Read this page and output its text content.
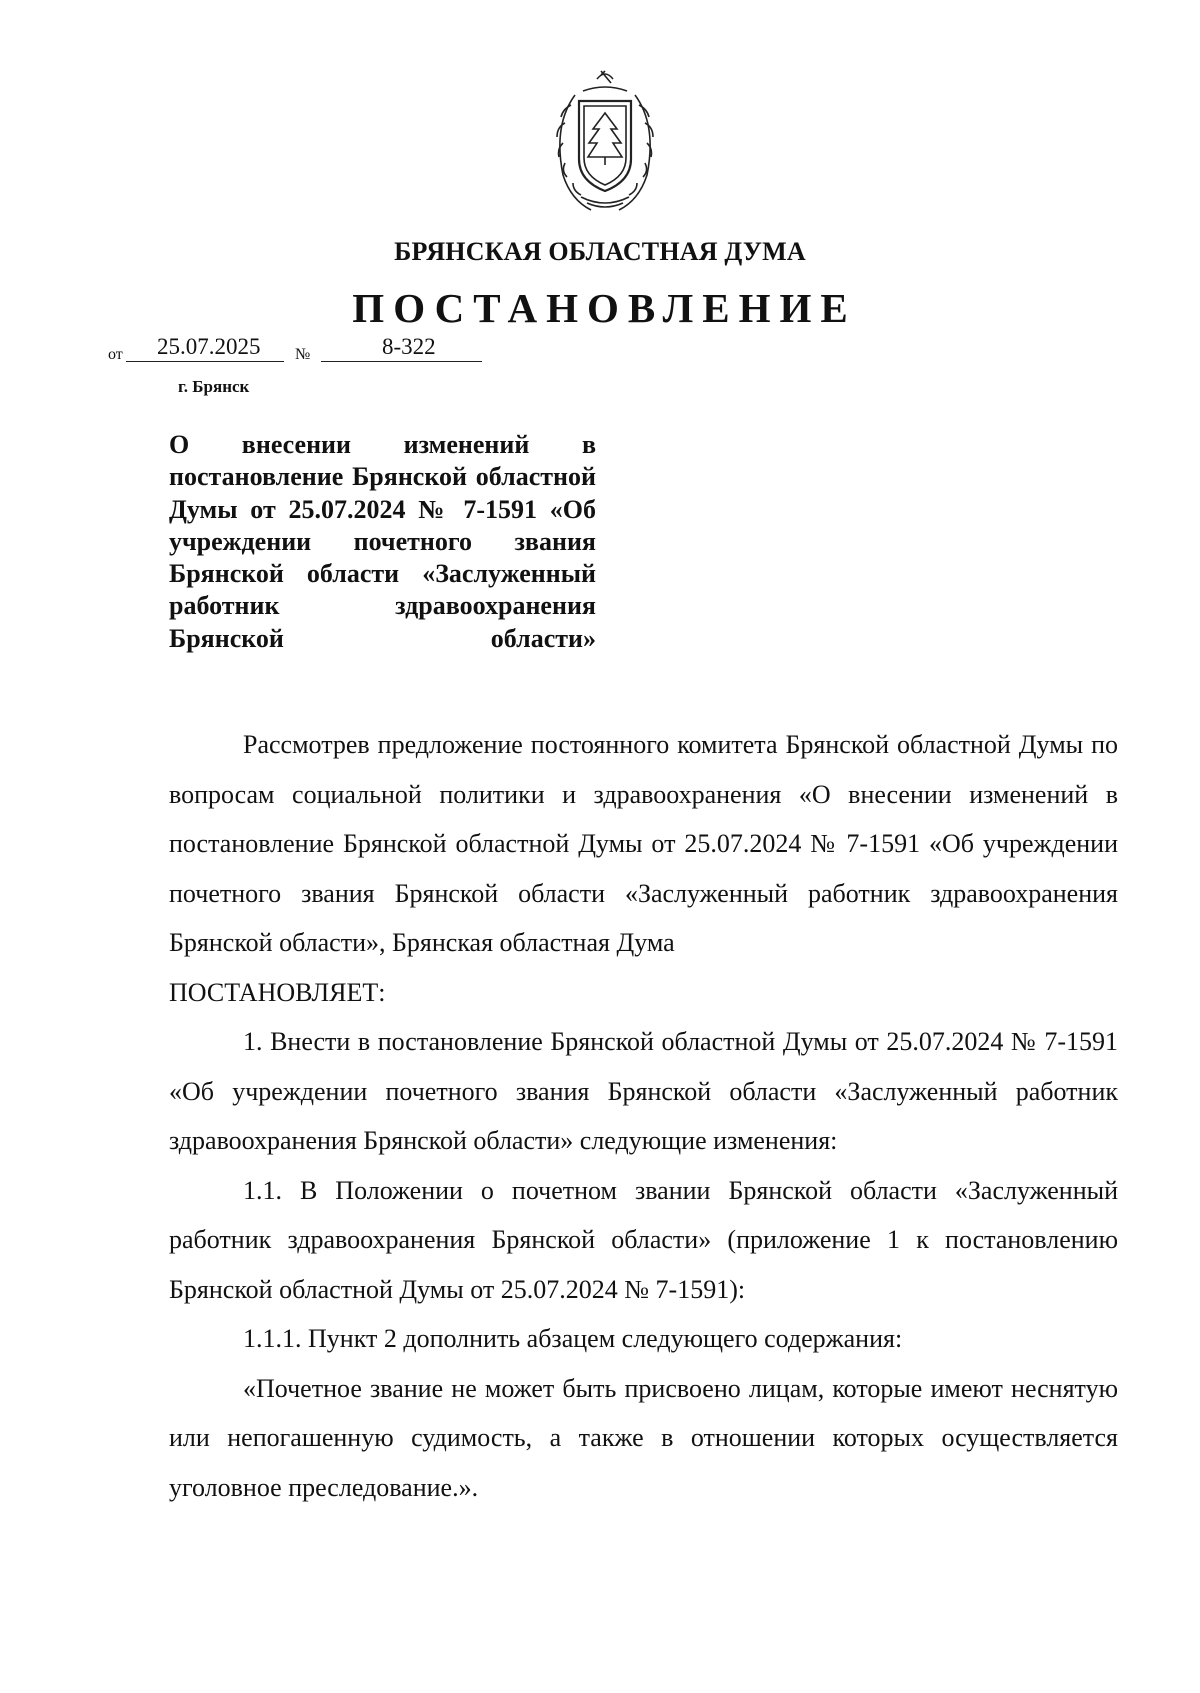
БРЯНСКАЯ ОБЛАСТНАЯ ДУМА
ПОСТАНОВЛЕНИЕ
от 25.07.2025 №	8-322
г. Брянск
О внесении изменений в постановление Брянской областной Думы от 25.07.2024 № 7-1591 «Об учреждении почетного звания Брянской области «Заслуженный работник здравоохранения Брянской области»

Рассмотрев предложение постоянного комитета Брянской областной Думы по вопросам социальной политики и здравоохранения «О внесении изменений в постановление Брянской областной Думы от 25.07.2024 № 7-1591 «Об учреждении почетного звания Брянской области «Заслуженный работник здравоохранения Брянской области», Брянская областная Дума

ПОСТАНОВЛЯЕТ:

1. Внести в постановление Брянской областной Думы от 25.07.2024 № 7-1591 «Об учреждении почетного звания Брянской области «Заслуженный работник здравоохранения Брянской области» следующие изменения:

1.1. В Положении о почетном звании Брянской области «Заслуженный работник здравоохранения Брянской области» (приложение 1 к постановлению Брянской областной Думы от 25.07.2024 № 7-1591):

1.1.1. Пункт 2 дополнить абзацем следующего содержания:

«Почетное звание не может быть присвоено лицам, которые имеют неснятую или непогашенную судимость, а также в отношении которых осуществляется уголовное преследование.».
